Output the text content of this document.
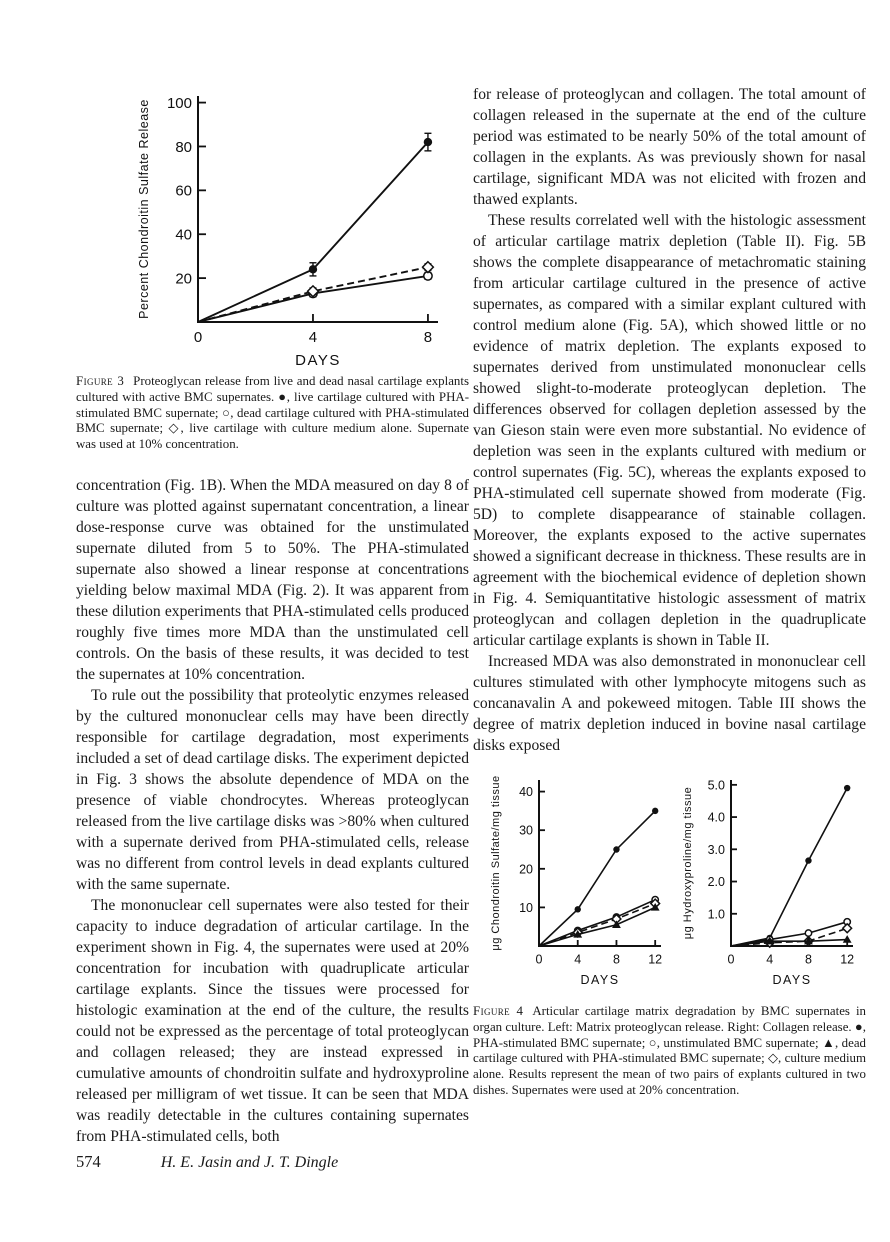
20
40
60
80
100
0	4	8
DAYS
Percent Chondroitin Sulfate Release
Figure 3 Proteoglycan release from live and dead nasal cartilage explants cultured with active BMC supernates. ●, live cartilage cultured with PHA-stimulated BMC supernate; ○, dead cartilage cultured with PHA-stimulated BMC supernate; ◇, live cartilage with culture medium alone. Supernate was used at 10% concentration.

concentration (Fig. 1B). When the MDA measured on day 8 of culture was plotted against supernatant concentration, a linear dose-response curve was obtained for the unstimulated supernate diluted from 5 to 50%. The PHA-stimulated supernate also showed a linear response at concentrations yielding below maximal MDA (Fig. 2). It was apparent from these dilution experiments that PHA-stimulated cells produced roughly five times more MDA than the unstimulated cell controls. On the basis of these results, it was decided to test the supernates at 10% concentration.

To rule out the possibility that proteolytic enzymes released by the cultured mononuclear cells may have been directly responsible for cartilage degradation, most experiments included a set of dead cartilage disks. The experiment depicted in Fig. 3 shows the absolute dependence of MDA on the presence of viable chondrocytes. Whereas proteoglycan released from the live cartilage disks was >80% when cultured with a supernate derived from PHA-stimulated cells, release was no different from control levels in dead explants cultured with the same supernate.

The mononuclear cell supernates were also tested for their capacity to induce degradation of articular cartilage. In the experiment shown in Fig. 4, the supernates were used at 20% concentration for incubation with quadruplicate articular cartilage explants. Since the tissues were processed for histologic examination at the end of the culture, the results could not be expressed as the percentage of total proteoglycan and collagen released; they are instead expressed in cumulative amounts of chondroitin sulfate and hydroxyproline released per milligram of wet tissue. It can be seen that MDA was readily detectable in the cultures containing supernates from PHA-stimulated cells, both

for release of proteoglycan and collagen. The total amount of collagen released in the supernate at the end of the culture period was estimated to be nearly 50% of the total amount of collagen in the explants. As was previously shown for nasal cartilage, significant MDA was not elicited with frozen and thawed explants.

These results correlated well with the histologic assessment of articular cartilage matrix depletion (Table II). Fig. 5B shows the complete disappearance of metachromatic staining from articular cartilage cultured in the presence of active supernates, as compared with a similar explant cultured with control medium alone (Fig. 5A), which showed little or no evidence of matrix depletion. The explants exposed to supernates derived from unstimulated mononuclear cells showed slight-to-moderate proteoglycan depletion. The differences observed for collagen depletion assessed by the van Gieson stain were even more substantial. No evidence of depletion was seen in the explants cultured with medium or control supernates (Fig. 5C), whereas the explants exposed to PHA-stimulated cell supernate showed from moderate (Fig. 5D) to complete disappearance of stainable collagen. Moreover, the explants exposed to the active supernates showed a significant decrease in thickness. These results are in agreement with the biochemical evidence of depletion shown in Fig. 4. Semiquantitative histologic assessment of matrix proteoglycan and collagen depletion in the quadruplicate articular cartilage explants is shown in Table II.

Increased MDA was also demonstrated in mononuclear cell cultures stimulated with other lymphocyte mitogens such as concanavalin A and pokeweed mitogen. Table III shows the degree of matrix depletion induced in bovine nasal cartilage disks exposed

10
20
30
40
0	4	8 12
DAYS
μg Chondroitin Sulfate/mg tissue	1.0
2.0
3.0
4.0
5.0
0	4	8 12
DAYS
μg Hydroxyproline/mg tissue
Figure 4 Articular cartilage matrix degradation by BMC supernates in organ culture. Left: Matrix proteoglycan release. Right: Collagen release. ●, PHA-stimulated BMC supernate; ○, unstimulated BMC supernate; ▲, dead cartilage cultured with PHA-stimulated BMC supernate; ◇, culture medium alone. Results represent the mean of two pairs of explants cultured in two dishes. Supernates were used at 20% concentration.
574	H. E. Jasin and J. T. Dingle
